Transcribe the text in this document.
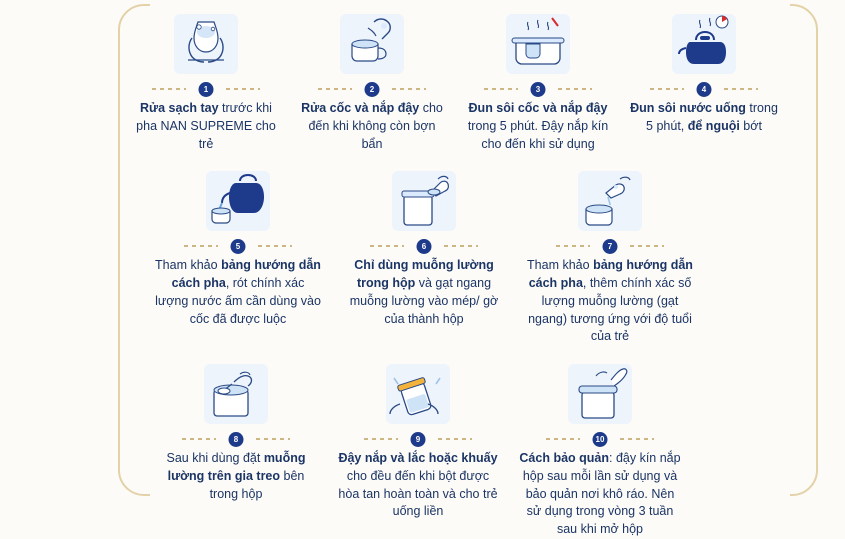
1
Rửa sạch tay trước khi pha NAN SUPREME cho trẻ
2
Rửa cốc và nắp đậy cho đến khi không còn bợn bẩn
3
Đun sôi cốc và nắp đậy trong 5 phút. Đậy nắp kín cho đến khi sử dụng
4
Đun sôi nước uống trong 5 phút, để nguội bớt
5
Tham khảo bảng hướng dẫn cách pha, rót chính xác lượng nước ấm cần dùng vào cốc đã được luộc
6
Chỉ dùng muỗng lường trong hộp và gạt ngang muỗng lường vào mép/ gờ của thành hộp
7
Tham khảo bảng hướng dẫn cách pha, thêm chính xác số lượng muỗng lường (gạt ngang) tương ứng với độ tuổi của trẻ
8
Sau khi dùng đặt muỗng lường trên gia treo bên trong hộp
9
Đậy nắp và lắc hoặc khuấy cho đều đến khi bột được hòa tan hoàn toàn và cho trẻ uống liền
10
Cách bảo quản: đậy kín nắp hộp sau mỗi lần sử dụng và bảo quản nơi khô ráo. Nên sử dụng trong vòng 3 tuần sau khi mở hộp
